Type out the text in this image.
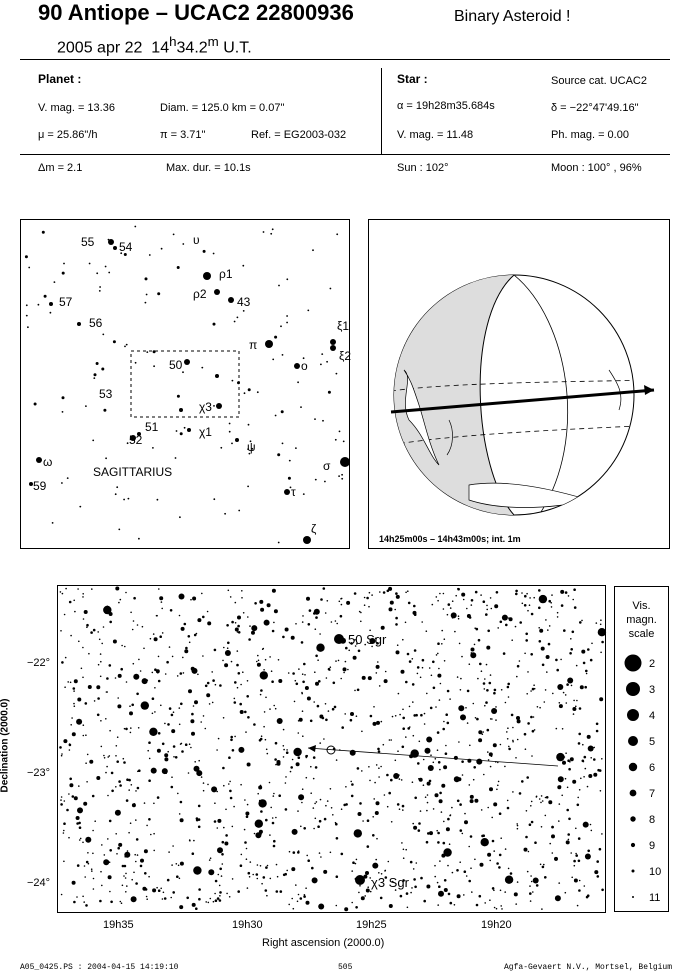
90 Antiope – UCAC2 22800936	Binary Asteroid !
2005 apr 22 14$^h$34.2$^m$ U.T.
Planet :
V. mag. = 13.36	Diam. = 125.0 km = 0.07"
μ = 25.86"/h	π = 3.71"	Ref. = EG2003-032
Δm = 2.1	Max. dur. = 10.1s
Star :	Source cat. UCAC2
α = 19h28m35.684s	δ = −22°47'49.16"
V. mag. = 11.48	Ph. mag. = 0.00
Sun : 102°	Moon : 100° , 96%
55 54	υ
ρ1
ρ2
43
57
56	ξ1
π
ξ2
50	ο
53
χ3
51	χ1
52	ψ
ω	σ
59	τ
ζ
SAGITTARIUS
14h25m00s – 14h43m00s; int. 1m
50 Sgr
χ3 Sgr
Declination (2000.0)
−22°
−23°
−24°
19h35	19h30	19h25	19h20
Right ascension (2000.0)
Vis.
magn.
scale
2
3
4
5
6
7
8
9
10
11
A05_0425.PS : 2004-04-15 14:19:10	505	Agfa-Gevaert N.V., Mortsel, Belgium
